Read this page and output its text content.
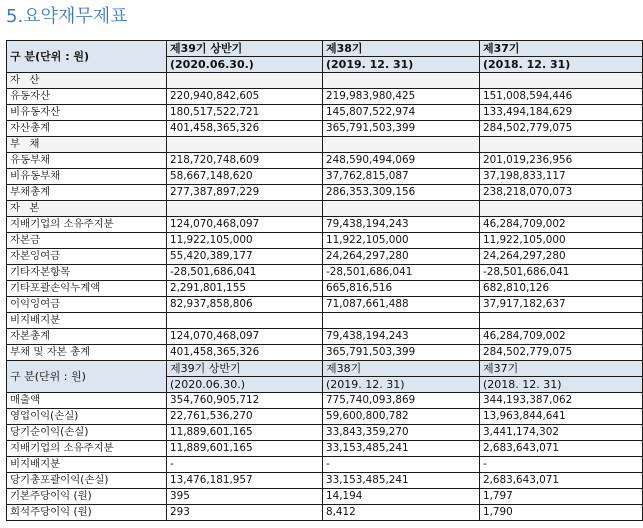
5.요약재무제표
구 분(단위 : 원)	제39기 상반기	제38기	제37기
	(2020.06.30.)	(2019. 12. 31)	(2018. 12. 31)
자 산			
유동자산	220,940,842,605	219,983,980,425	151,008,594,446
비유동자산	180,517,522,721	145,807,522,974	133,494,184,629
자산총계	401,458,365,326	365,791,503,399	284,502,779,075
부 채			
유동부채	218,720,748,609	248,590,494,069	201,019,236,956
비유동부채	58,667,148,620	37,762,815,087	37,198,833,117
부채총계	277,387,897,229	286,353,309,156	238,218,070,073
자 본			
지배기업의 소유주지분	124,070,468,097	79,438,194,243	46,284,709,002
자본금	11,922,105,000	11,922,105,000	11,922,105,000
자본잉여금	55,420,389,177	24,264,297,280	24,264,297,280
기타자본항목	-28,501,686,041	-28,501,686,041	-28,501,686,041
기타포괄손익누계액	2,291,801,155	665,816,516	682,810,126
이익잉여금	82,937,858,806	71,087,661,488	37,917,182,637
비지배지분			
자본총계	124,070,468,097	79,438,194,243	46,284,709,002
부채 및 자본 총계	401,458,365,326	365,791,503,399	284,502,779,075
구 분(단위 : 원)	제39기 상반기	제38기	제37기
	(2020.06.30.)	(2019. 12. 31)	(2018. 12. 31)
매출액	354,760,905,712	775,740,093,869	344,193,387,062
영업이익(손실)	22,761,536,270	59,600,800,782	13,963,844,641
당기순이익(손실)	11,889,601,165	33,843,359,270	3,441,174,302
지배기업의 소유주지분	11,889,601,165	33,153,485,241	2,683,643,071
비지배지분	-	-	-
당기총포괄이익(손실)	13,476,181,957	33,153,485,241	2,683,643,071
기본주당이익 (원)	395	14,194	1,797
희석주당이익 (원)	293	8,412	1,790
